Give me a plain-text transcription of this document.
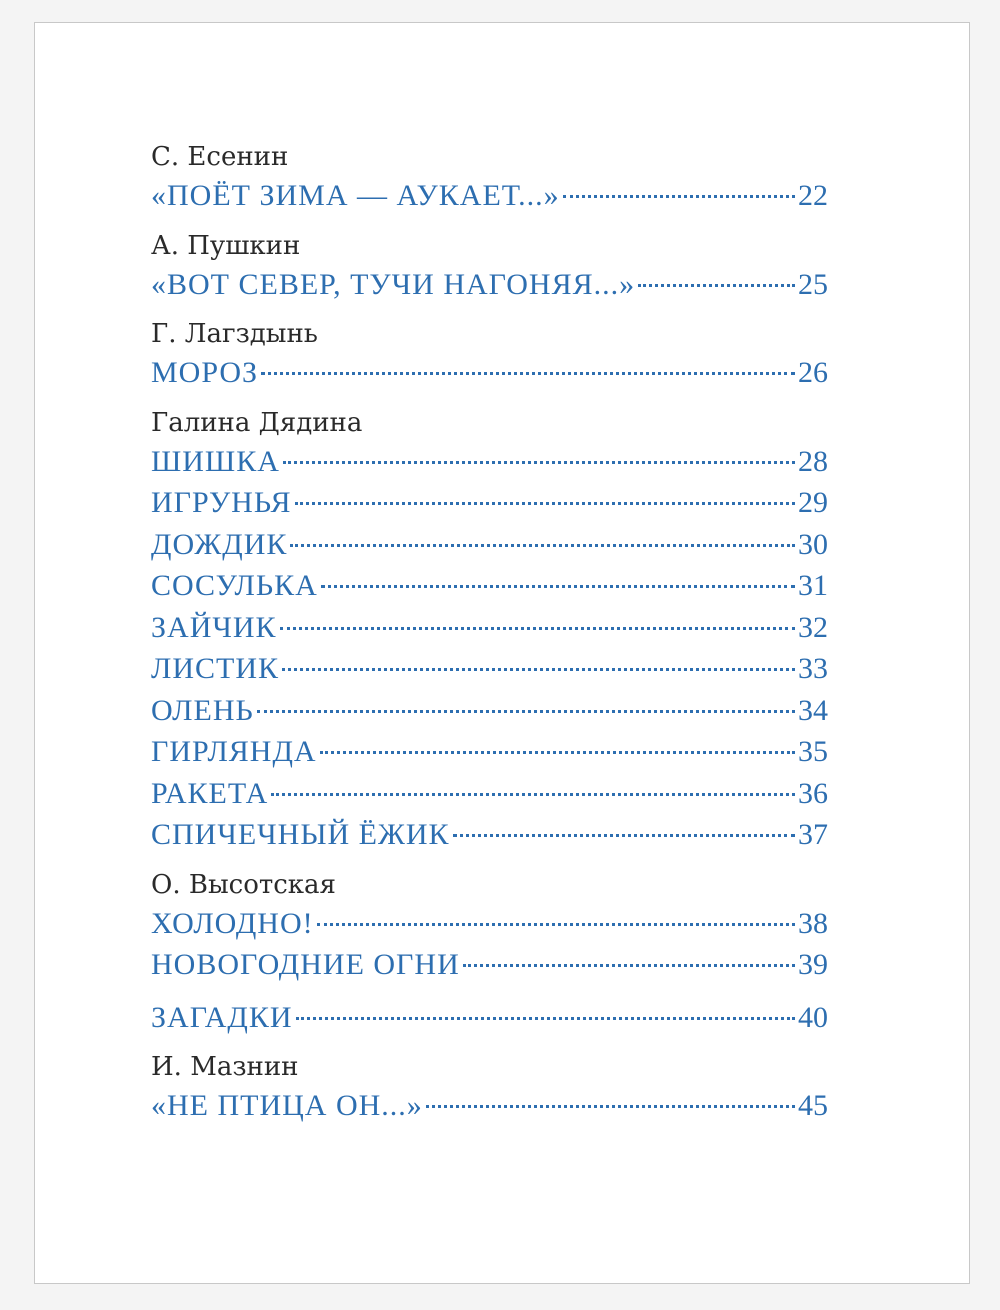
С. Есенин
«ПОЁТ ЗИМА — АУКАЕТ...»	22
А. Пушкин
«ВОТ СЕВЕР, ТУЧИ НАГОНЯЯ...»	25
Г. Лагздынь
МОРОЗ	26
Галина Дядина
ШИШКА	28
ИГРУНЬЯ	29
ДОЖДИК	30
СОСУЛЬКА	31
ЗАЙЧИК	32
ЛИСТИК	33
ОЛЕНЬ	34
ГИРЛЯНДА	35
РАКЕТА	36
СПИЧЕЧНЫЙ ЁЖИК	37
О. Высотская
ХОЛОДНО!	38
НОВОГОДНИЕ ОГНИ	39
ЗАГАДКИ	40
И. Мазнин
«НЕ ПТИЦА ОН...»	45
